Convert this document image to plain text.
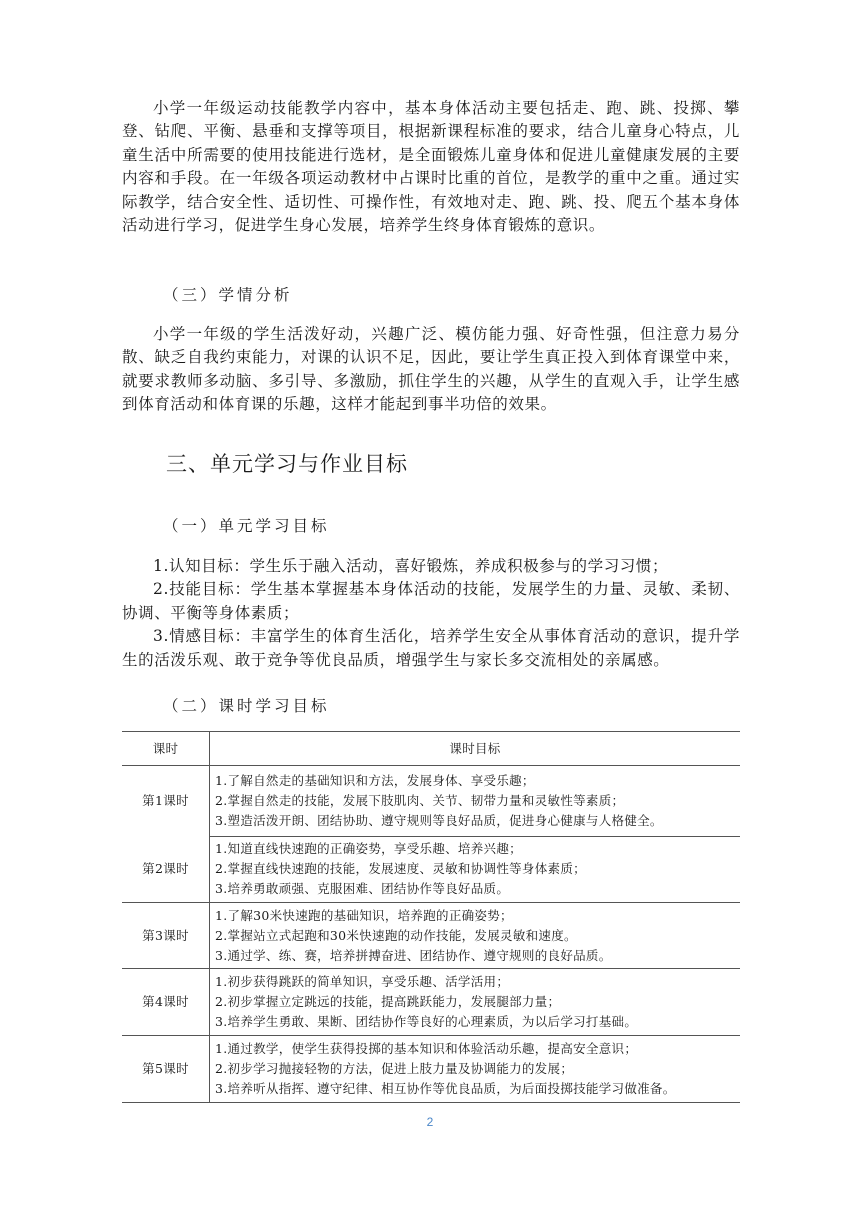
小学一年级运动技能教学内容中，基本身体活动主要包括走、跑、跳、投掷、攀登、钻爬、平衡、悬垂和支撑等项目，根据新课程标准的要求，结合儿童身心特点，儿童生活中所需要的使用技能进行选材，是全面锻炼儿童身体和促进儿童健康发展的主要内容和手段。在一年级各项运动教材中占课时比重的首位，是教学的重中之重。通过实际教学，结合安全性、适切性、可操作性，有效地对走、跑、跳、投、爬五个基本身体活动进行学习，促进学生身心发展，培养学生终身体育锻炼的意识。

（三）学情分析

小学一年级的学生活泼好动，兴趣广泛、模仿能力强、好奇性强，但注意力易分散、缺乏自我约束能力，对课的认识不足，因此，要让学生真正投入到体育课堂中来，就要求教师多动脑、多引导、多激励，抓住学生的兴趣，从学生的直观入手，让学生感到体育活动和体育课的乐趣，这样才能起到事半功倍的效果。

三、单元学习与作业目标

（一）单元学习目标

1.认知目标：学生乐于融入活动，喜好锻炼，养成积极参与的学习习惯；
2.技能目标：学生基本掌握基本身体活动的技能，发展学生的力量、灵敏、柔韧、协调、平衡等身体素质；
3.情感目标：丰富学生的体育生活化，培养学生安全从事体育活动的意识，提升学生的活泼乐观、敢于竞争等优良品质，增强学生与家长多交流相处的亲属感。

（二）课时学习目标

课时	课时目标
第1课时	1.了解自然走的基础知识和方法，发展身体、享受乐趣；
2.掌握自然走的技能，发展下肢肌肉、关节、韧带力量和灵敏性等素质；
3.塑造活泼开朗、团结协助、遵守规则等良好品质，促进身心健康与人格健全。

第2课时	1.知道直线快速跑的正确姿势，享受乐趣、培养兴趣；
2.掌握直线快速跑的技能，发展速度、灵敏和协调性等身体素质；
3.培养勇敢顽强、克服困难、团结协作等良好品质。

第3课时	1.了解30米快速跑的基础知识，培养跑的正确姿势；
2.掌握站立式起跑和30米快速跑的动作技能，发展灵敏和速度。
3.通过学、练、赛，培养拼搏奋进、团结协作、遵守规则的良好品质。

第4课时	1.初步获得跳跃的简单知识，享受乐趣、活学活用；
2.初步掌握立定跳远的技能，提高跳跃能力，发展腿部力量；
3.培养学生勇敢、果断、团结协作等良好的心理素质，为以后学习打基础。

第5课时	1.通过教学，使学生获得投掷的基本知识和体验活动乐趣，提高安全意识；
2.初步学习抛接轻物的方法，促进上肢力量及协调能力的发展；
3.培养听从指挥、遵守纪律、相互协作等优良品质，为后面投掷技能学习做准备。
2
